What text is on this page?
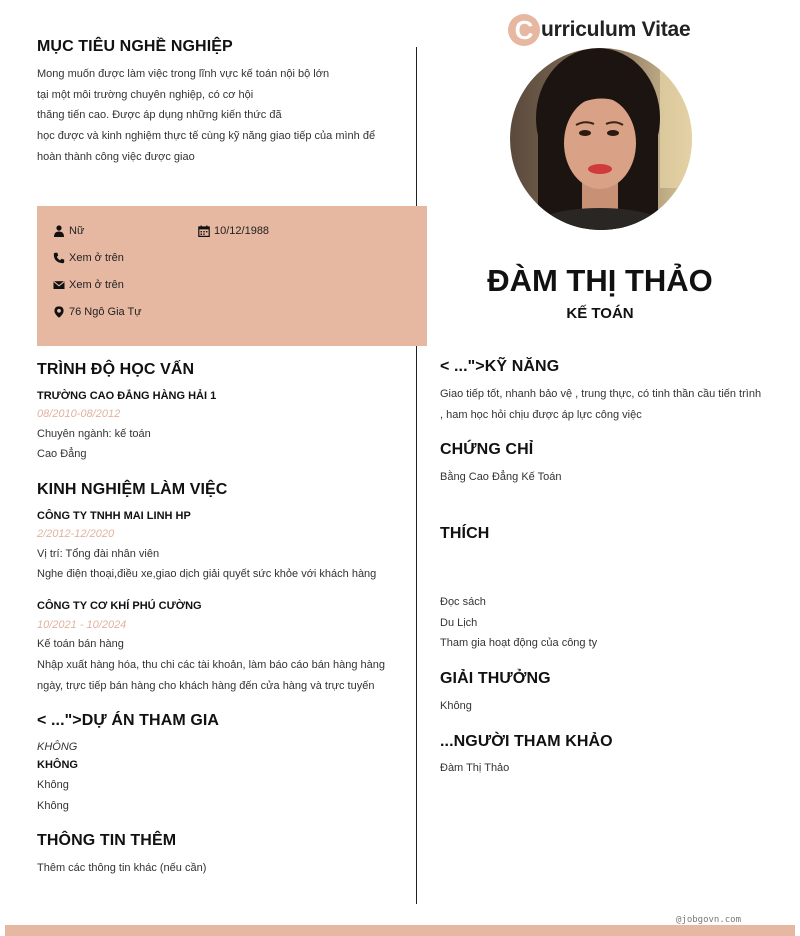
C urriculum Vitae
ĐÀM THỊ THẢO
KẾ TOÁN
MỤC TIÊU NGHỀ NGHIỆP
Mong muốn được làm việc trong lĩnh vực kế toán nội bộ lớn
tại một môi trường chuyên nghiệp, có cơ hội
thăng tiến cao. Được áp dụng những kiến thức đã
học được và kinh nghiệm thực tế cùng kỹ năng giao tiếp của mình để
hoàn thành công việc được giao
Nữ	10/12/1988
Xem ở trên
Xem ở trên
76 Ngô Gia Tự
TRÌNH ĐỘ HỌC VẤN
TRƯỜNG CAO ĐẲNG HÀNG HẢI 1
08/2010-08/2012
Chuyên ngành: kế toán
Cao Đẳng
KINH NGHIỆM LÀM VIỆC
CÔNG TY TNHH MAI LINH HP
2/2012-12/2020
Vị trí: Tổng đài nhân viên
Nghe điện thoại,điều xe,giao dịch giải quyết sức khỏe với khách hàng
CÔNG TY CƠ KHÍ PHÚ CƯỜNG
10/2021 - 10/2024
Kế toán bán hàng
Nhập xuất hàng hóa, thu chi các tài khoản, làm báo cáo bán hàng hàng
ngày, trực tiếp bán hàng cho khách hàng đến cửa hàng và trực tuyến
< ...">DỰ ÁN THAM GIA
KHÔNG
KHÔNG
Không
Không
THÔNG TIN THÊM
Thêm các thông tin khác (nếu cần)
< ...">KỸ NĂNG
Giao tiếp tốt, nhanh bảo vệ , trung thực, có tinh thần cầu tiến trình
, ham học hỏi chịu được áp lực công việc
CHỨNG CHỈ
Bằng Cao Đẳng Kế Toán
THÍCH
Đọc sách
Du Lịch
Tham gia hoạt động của công ty
GIẢI THƯỞNG
Không
...NGƯỜI THAM KHẢO
Đàm Thị Thảo
@jobgovn.com
